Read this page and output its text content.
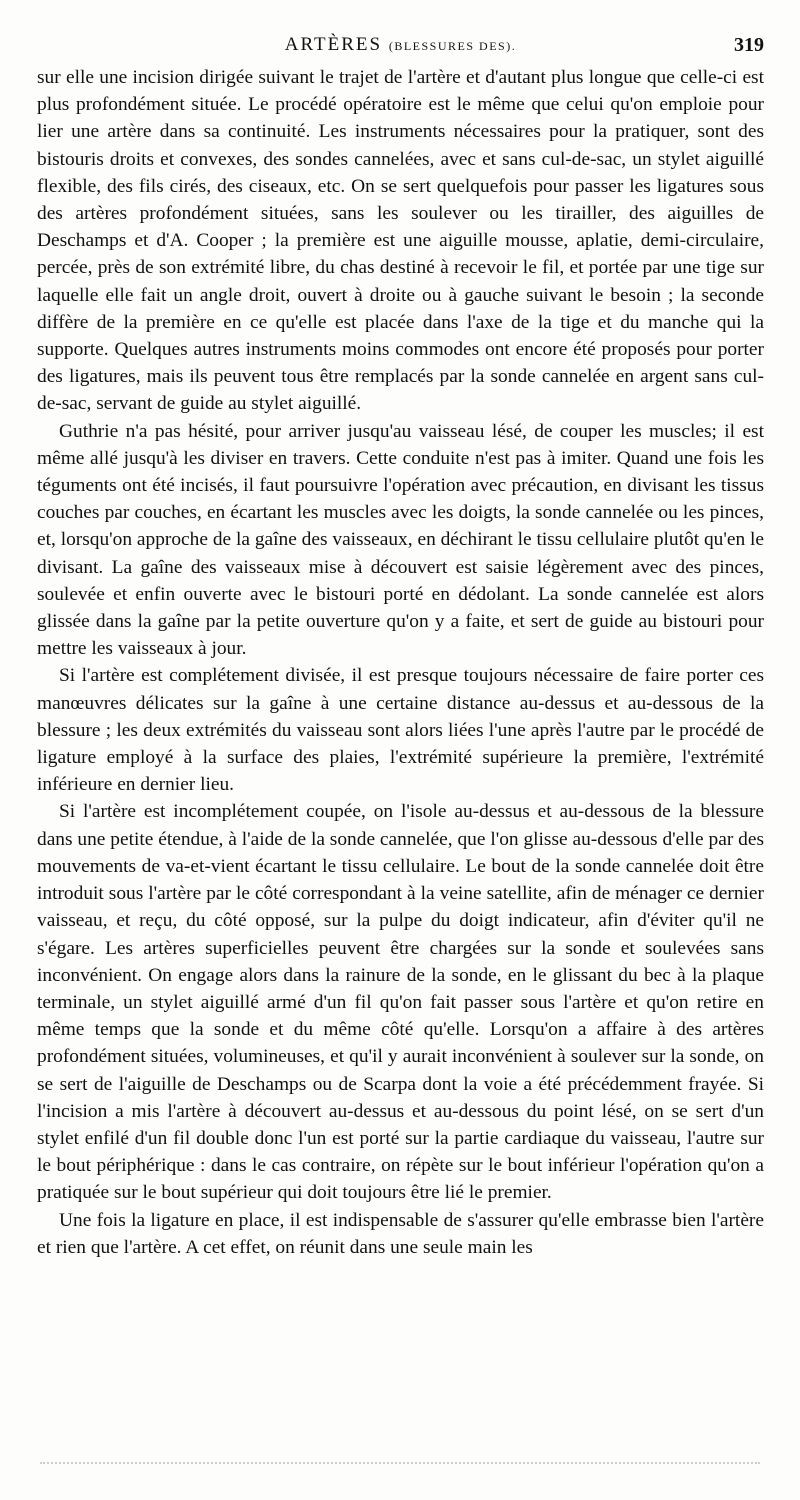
ARTÈRES (BLESSURES DES).	319

sur elle une incision dirigée suivant le trajet de l'artère et d'autant plus longue que celle-ci est plus profondément située. Le procédé opératoire est le même que celui qu'on emploie pour lier une artère dans sa continuité. Les instruments nécessaires pour la pratiquer, sont des bistouris droits et convexes, des sondes cannelées, avec et sans cul-de-sac, un stylet aiguillé flexible, des fils cirés, des ciseaux, etc. On se sert quelquefois pour passer les ligatures sous des artères profondément situées, sans les soulever ou les tirailler, des aiguilles de Deschamps et d'A. Cooper ; la première est une aiguille mousse, aplatie, demi-circulaire, percée, près de son extrémité libre, du chas destiné à recevoir le fil, et portée par une tige sur laquelle elle fait un angle droit, ouvert à droite ou à gauche suivant le besoin ; la seconde diffère de la première en ce qu'elle est placée dans l'axe de la tige et du manche qui la supporte. Quelques autres instruments moins commodes ont encore été proposés pour porter des ligatures, mais ils peuvent tous être remplacés par la sonde cannelée en argent sans cul-de-sac, servant de guide au stylet aiguillé.

Guthrie n'a pas hésité, pour arriver jusqu'au vaisseau lésé, de couper les muscles; il est même allé jusqu'à les diviser en travers. Cette conduite n'est pas à imiter. Quand une fois les téguments ont été incisés, il faut poursuivre l'opération avec précaution, en divisant les tissus couches par couches, en écartant les muscles avec les doigts, la sonde cannelée ou les pinces, et, lorsqu'on approche de la gaîne des vaisseaux, en déchirant le tissu cellulaire plutôt qu'en le divisant. La gaîne des vaisseaux mise à découvert est saisie légèrement avec des pinces, soulevée et enfin ouverte avec le bistouri porté en dédolant. La sonde cannelée est alors glissée dans la gaîne par la petite ouverture qu'on y a faite, et sert de guide au bistouri pour mettre les vaisseaux à jour.

Si l'artère est complétement divisée, il est presque toujours nécessaire de faire porter ces manœuvres délicates sur la gaîne à une certaine distance au-dessus et au-dessous de la blessure ; les deux extrémités du vaisseau sont alors liées l'une après l'autre par le procédé de ligature employé à la surface des plaies, l'extrémité supérieure la première, l'extrémité inférieure en dernier lieu.

Si l'artère est incomplétement coupée, on l'isole au-dessus et au-dessous de la blessure dans une petite étendue, à l'aide de la sonde cannelée, que l'on glisse au-dessous d'elle par des mouvements de va-et-vient écartant le tissu cellulaire. Le bout de la sonde cannelée doit être introduit sous l'artère par le côté correspondant à la veine satellite, afin de ménager ce dernier vaisseau, et reçu, du côté opposé, sur la pulpe du doigt indicateur, afin d'éviter qu'il ne s'égare. Les artères superficielles peuvent être chargées sur la sonde et soulevées sans inconvénient. On engage alors dans la rainure de la sonde, en le glissant du bec à la plaque terminale, un stylet aiguillé armé d'un fil qu'on fait passer sous l'artère et qu'on retire en même temps que la sonde et du même côté qu'elle. Lorsqu'on a affaire à des artères profondément situées, volumineuses, et qu'il y aurait inconvénient à soulever sur la sonde, on se sert de l'aiguille de Deschamps ou de Scarpa dont la voie a été précédemment frayée. Si l'incision a mis l'artère à découvert au-dessus et au-dessous du point lésé, on se sert d'un stylet enfilé d'un fil double donc l'un est porté sur la partie cardiaque du vaisseau, l'autre sur le bout périphérique : dans le cas contraire, on répète sur le bout inférieur l'opération qu'on a pratiquée sur le bout supérieur qui doit toujours être lié le premier.

Une fois la ligature en place, il est indispensable de s'assurer qu'elle embrasse bien l'artère et rien que l'artère. A cet effet, on réunit dans une seule main les
